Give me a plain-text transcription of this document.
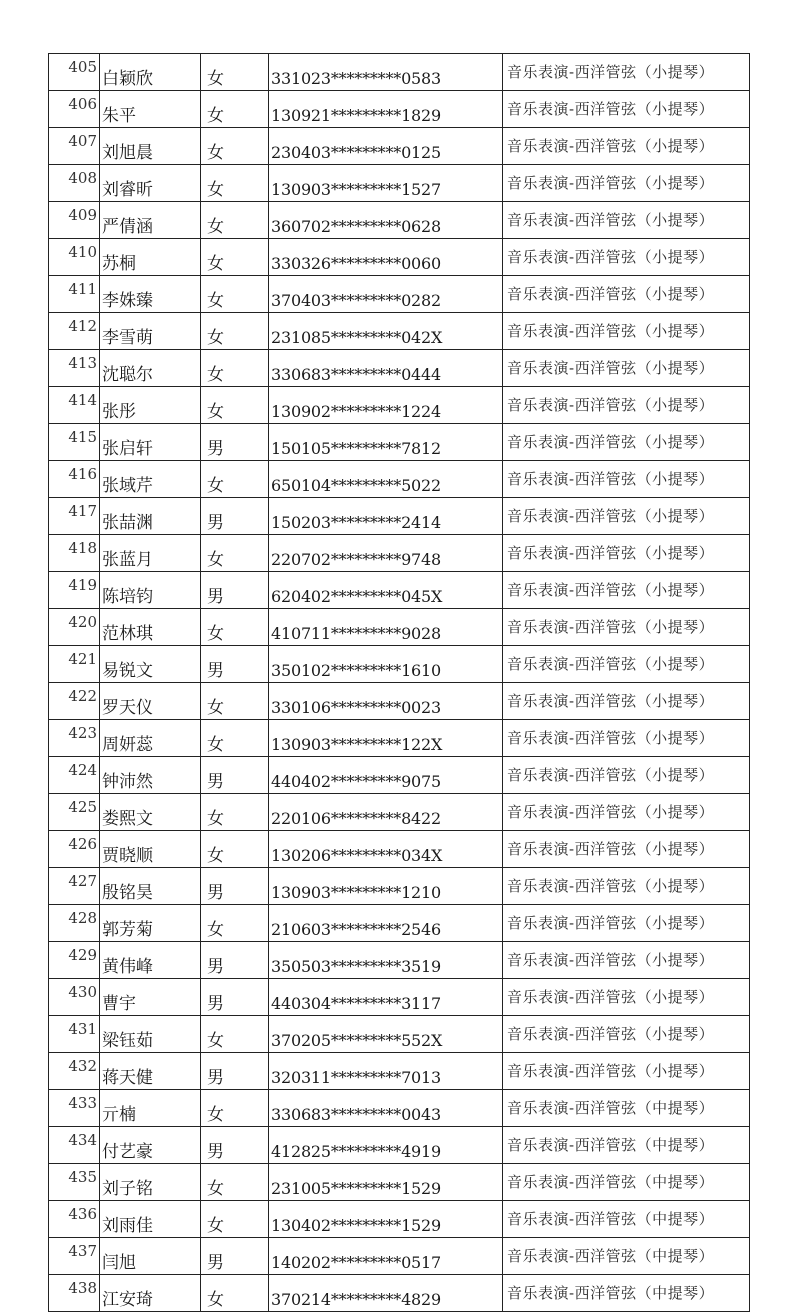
405	白颖欣	女	331023*********0583	音乐表演-西洋管弦（小提琴）
406	朱平	女	130921*********1829	音乐表演-西洋管弦（小提琴）
407	刘旭晨	女	230403*********0125	音乐表演-西洋管弦（小提琴）
408	刘睿昕	女	130903*********1527	音乐表演-西洋管弦（小提琴）
409	严倩涵	女	360702*********0628	音乐表演-西洋管弦（小提琴）
410	苏桐	女	330326*********0060	音乐表演-西洋管弦（小提琴）
411	李姝臻	女	370403*********0282	音乐表演-西洋管弦（小提琴）
412	李雪萌	女	231085*********042X	音乐表演-西洋管弦（小提琴）
413	沈聪尔	女	330683*********0444	音乐表演-西洋管弦（小提琴）
414	张彤	女	130902*********1224	音乐表演-西洋管弦（小提琴）
415	张启轩	男	150105*********7812	音乐表演-西洋管弦（小提琴）
416	张域芹	女	650104*********5022	音乐表演-西洋管弦（小提琴）
417	张喆渊	男	150203*********2414	音乐表演-西洋管弦（小提琴）
418	张蓝月	女	220702*********9748	音乐表演-西洋管弦（小提琴）
419	陈培钧	男	620402*********045X	音乐表演-西洋管弦（小提琴）
420	范林琪	女	410711*********9028	音乐表演-西洋管弦（小提琴）
421	易锐文	男	350102*********1610	音乐表演-西洋管弦（小提琴）
422	罗天仪	女	330106*********0023	音乐表演-西洋管弦（小提琴）
423	周妍蕊	女	130903*********122X	音乐表演-西洋管弦（小提琴）
424	钟沛然	男	440402*********9075	音乐表演-西洋管弦（小提琴）
425	娄熙文	女	220106*********8422	音乐表演-西洋管弦（小提琴）
426	贾晓顺	女	130206*********034X	音乐表演-西洋管弦（小提琴）
427	殷铭昊	男	130903*********1210	音乐表演-西洋管弦（小提琴）
428	郭芳菊	女	210603*********2546	音乐表演-西洋管弦（小提琴）
429	黄伟峰	男	350503*********3519	音乐表演-西洋管弦（小提琴）
430	曹宇	男	440304*********3117	音乐表演-西洋管弦（小提琴）
431	梁钰茹	女	370205*********552X	音乐表演-西洋管弦（小提琴）
432	蒋天健	男	320311*********7013	音乐表演-西洋管弦（小提琴）
433	亓楠	女	330683*********0043	音乐表演-西洋管弦（中提琴）
434	付艺豪	男	412825*********4919	音乐表演-西洋管弦（中提琴）
435	刘子铭	女	231005*********1529	音乐表演-西洋管弦（中提琴）
436	刘雨佳	女	130402*********1529	音乐表演-西洋管弦（中提琴）
437	闫旭	男	140202*********0517	音乐表演-西洋管弦（中提琴）
438	江安琦	女	370214*********4829	音乐表演-西洋管弦（中提琴）
